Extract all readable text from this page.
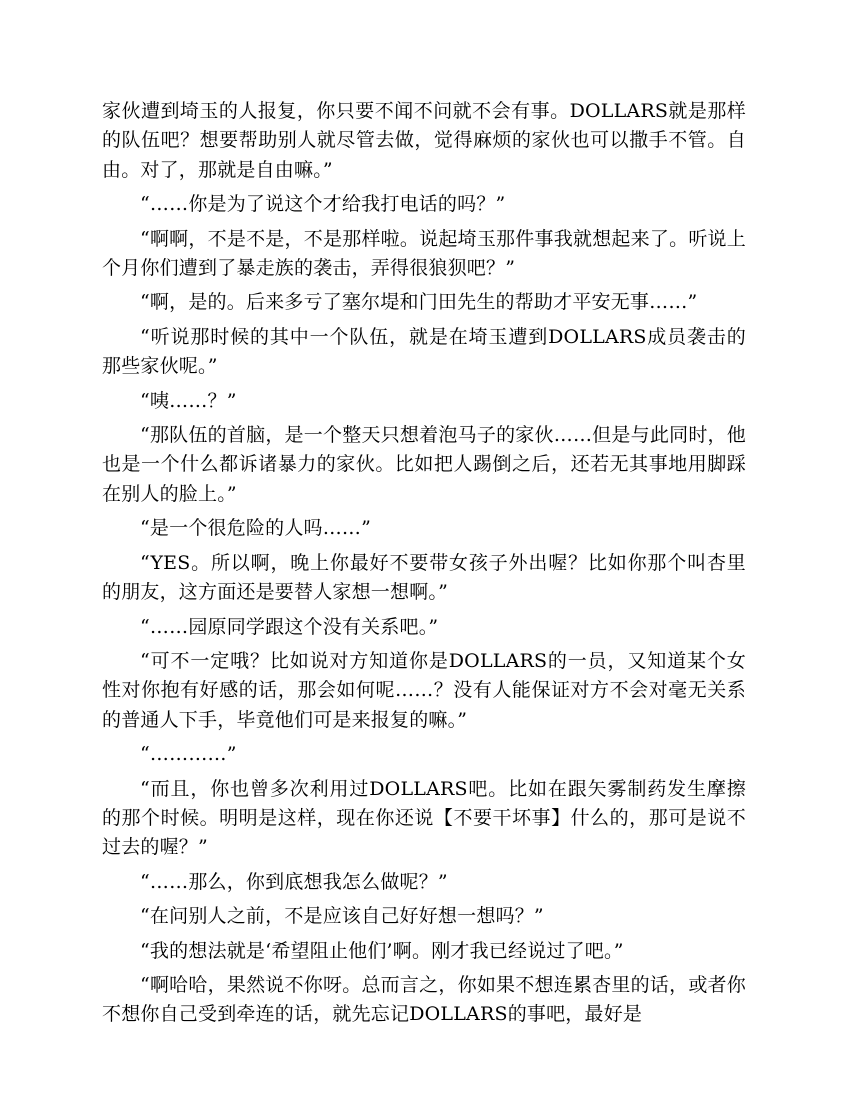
家伙遭到埼玉的人报复，你只要不闻不问就不会有事。DOLLARS就是那样的队伍吧？想要帮助别人就尽管去做，觉得麻烦的家伙也可以撒手不管。自由。对了，那就是自由嘛。”

“……你是为了说这个才给我打电话的吗？”

“啊啊，不是不是，不是那样啦。说起埼玉那件事我就想起来了。听说上个月你们遭到了暴走族的袭击，弄得很狼狈吧？”

“啊，是的。后来多亏了塞尔堤和门田先生的帮助才平安无事……”

“听说那时候的其中一个队伍，就是在埼玉遭到DOLLARS成员袭击的那些家伙呢。”

“咦……？”

“那队伍的首脑，是一个整天只想着泡马子的家伙……但是与此同时，他也是一个什么都诉诸暴力的家伙。比如把人踢倒之后，还若无其事地用脚踩在别人的脸上。”

“是一个很危险的人吗……”

“YES。所以啊，晚上你最好不要带女孩子外出喔？比如你那个叫杏里的朋友，这方面还是要替人家想一想啊。”

“……园原同学跟这个没有关系吧。”

“可不一定哦？比如说对方知道你是DOLLARS的一员，又知道某个女性对你抱有好感的话，那会如何呢……？没有人能保证对方不会对毫无关系的普通人下手，毕竟他们可是来报复的嘛。”

“…………”

“而且，你也曾多次利用过DOLLARS吧。比如在跟矢雾制药发生摩擦的那个时候。明明是这样，现在你还说【不要干坏事】什么的，那可是说不过去的喔？”

“……那么，你到底想我怎么做呢？”

“在问别人之前，不是应该自己好好想一想吗？”

“我的想法就是‘希望阻止他们’啊。刚才我已经说过了吧。”

“啊哈哈，果然说不你呀。总而言之，你如果不想连累杏里的话，或者你不想你自己受到牵连的话，就先忘记DOLLARS的事吧，最好是
